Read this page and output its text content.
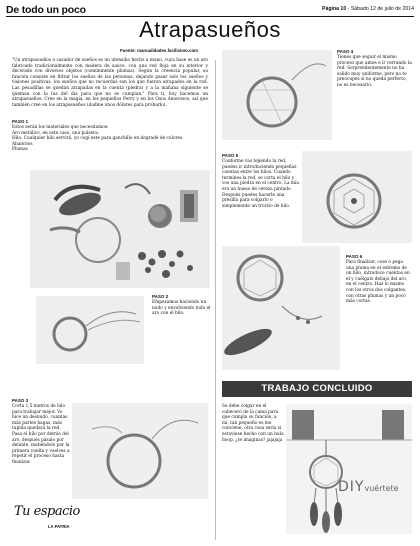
De todo un poco	Página 10 - Sábado 12 de julio de 2014
Atrapasueños
Fuente: manualidades.facilisimo.com
"Un atrapasueños o cazador de sueños es un utensilio hecho a mano, cuya base es un aro fabricado tradicionalmente con madera de sauce, con una red floja en su interior y decorado con diversos objetos (comúnmente plumas). Según la creencia popular, su función consiste en filtrar los sueños de las personas, dejando pasar solo los sueños y visiones positivas, los sueños que no recuerdas son los que fueron atrapados en la red. Las pesadillas se quedan atrapadas en la cuenta (piedra) y a la mañana siguiente se queman con la luz del día para que no se cumplan." Para ti, hoy hacemos un atrapasueños. Cree en la magia, en los pequeños Perry y en los Osos Amorosos, así que también cree en los atrapasueños (dadme unos dólares para probarlo).
PASO 1
Estos serán los materiales que necesitamos:
Aro metálico, en este caso, una pulsera.
Hilo. Cualquier hilo servirá, yo cogí este para ganchillo en degradé de colores.
Abalorios
Plumas
PASO 2
Empezamos haciendo un nudo y envolviendo todo el aro con el hilo.
PASO 3
Corta 1,5 metros de hilo para trabajar mejor. Vo hice un desnudo, cuantas más partes hagas, más tupida quedará la red. Pasa el hilo por detrás del aro, después pásalo por delante, metiéndolo por la primera vuelta y vuelves a repetir el proceso hasta finalizar.
PASO 4
Tienes que seguir el mismo proceso que antes e ir cerrando la red. Sorprendentemente no ha salido muy uniforme, pero no te preocupes si no queda perfecto, no es necesario.
PASO 5
Conforme vas tejiendo la red, puedes ir introduciendo pequeñas cuentas entre los hilos. Cuando termines la red, se corta el hilo y vos una piedra en el centro. La mía era un hueso de cereza pintado. Después puedes hacerle una presilla para colgarlo o simplemente un trocito de hilo.
PASO 6
Para finalizar, cose o pega una pluma en el extremo de un hilo, introduce cuentas en el y cuélgalo debajo del aro, en el centro. Haz lo mismo con los otros dos colgantes, con otras plumas y un poco más cortas.
TRABAJO CONCLUIDO
Se debe colgar en el cabecero de la cama para que cumpla su función, a mí, tan pequeño es me conviene, otra cosa sería si estuviese hecho con un hula hoop, ¿te imaginas? jajajaja
DIYvuértete
Tu espacio
LA PATRIA
